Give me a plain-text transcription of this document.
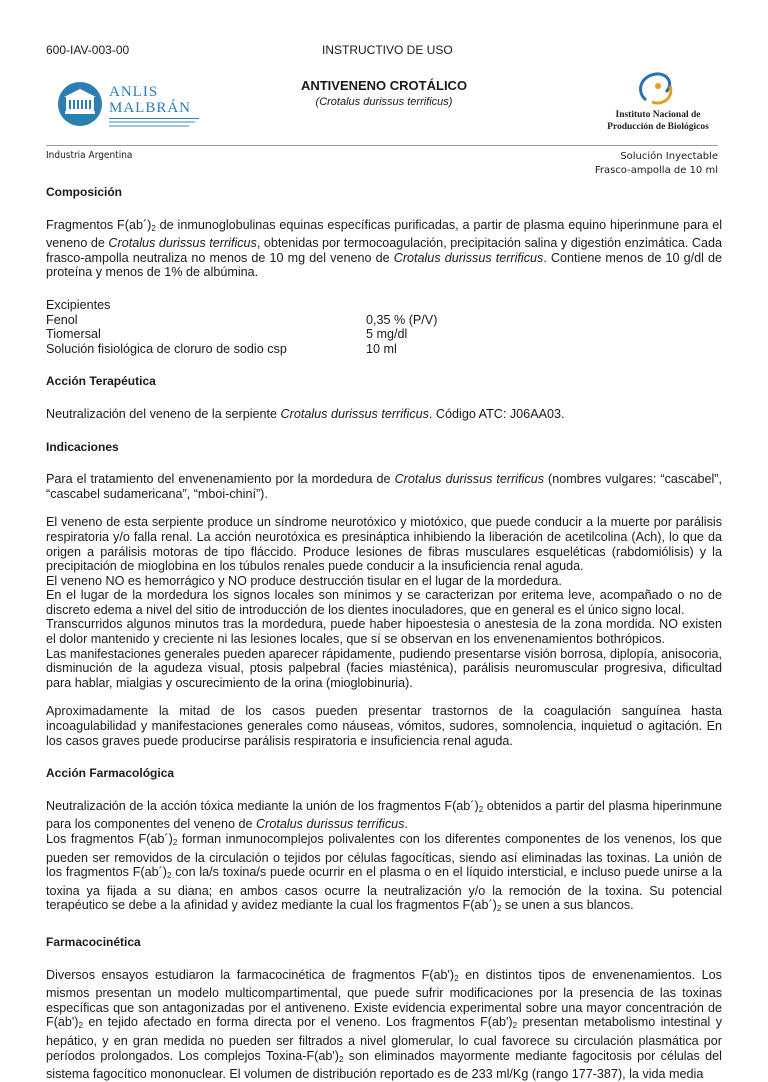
600-IAV-003-00	INSTRUCTIVO DE USO
ANLIS
MALBRÁN
ANTIVENENO CROTÁLICO
(Crotalus durissus terrificus)
Instituto Nacional de
Producción de Biológicos
Industria Argentina	Solución Inyectable
Frasco-ampolla de 10 ml
Composición

Fragmentos $F(ab´)_2$ de inmunoglobulinas equinas específicas purificadas, a partir de plasma equino hiperinmune para el veneno de Crotalus durissus terrificus, obtenidas por termocoagulación, precipitación salina y digestión enzimática. Cada frasco-ampolla neutraliza no menos de 10 mg del veneno de Crotalus durissus terrificus. Contiene menos de 10 g/dl de proteína y menos de 1% de albúmina.

Excipientes
Fenol	0,35 % (P/V)
Tiomersal	5 mg/dl
Solución fisiológica de cloruro de sodio csp	10 ml
Acción Terapéutica

Neutralización del veneno de la serpiente Crotalus durissus terrificus. Código ATC: J06AA03.

Indicaciones

Para el tratamiento del envenenamiento por la mordedura de Crotalus durissus terrificus (nombres vulgares: “cascabel”, “cascabel sudamericana”, “mboi-chiní”).

El veneno de esta serpiente produce un síndrome neurotóxico y miotóxico, que puede conducir a la muerte por parálisis respiratoria y/o falla renal. La acción neurotóxica es presináptica inhibiendo la liberación de acetilcolina (Ach), lo que da origen a parálisis motoras de tipo fláccido. Produce lesiones de fibras musculares esqueléticas (rabdomiólisis) y la precipitación de mioglobina en los túbulos renales puede conducir a la insuficiencia renal aguda.

El veneno NO es hemorrágico y NO produce destrucción tisular en el lugar de la mordedura.

En el lugar de la mordedura los signos locales son mínimos y se caracterizan por eritema leve, acompañado o no de discreto edema a nivel del sitio de introducción de los dientes inoculadores, que en general es el único signo local.

Transcurridos algunos minutos tras la mordedura, puede haber hipoestesia o anestesia de la zona mordida. NO existen el dolor mantenido y creciente ni las lesiones locales, que sí se observan en los envenenamientos bothrópicos.

Las manifestaciones generales pueden aparecer rápidamente, pudiendo presentarse visión borrosa, diplopía, anisocoria, disminución de la agudeza visual, ptosis palpebral (facies miasténica), parálisis neuromuscular progresiva, dificultad para hablar, mialgias y oscurecimiento de la orina (mioglobinuria).

Aproximadamente la mitad de los casos pueden presentar trastornos de la coagulación sanguínea hasta incoagulabilidad y manifestaciones generales como náuseas, vómitos, sudores, somnolencia, inquietud o agitación. En los casos graves puede producirse parálisis respiratoria e insuficiencia renal aguda.

Acción Farmacológica

Neutralización de la acción tóxica mediante la unión de los fragmentos $F(ab´)_2$ obtenidos a partir del plasma hiperinmune para los componentes del veneno de Crotalus durissus terrificus.

Los fragmentos $F(ab´)_2$ forman inmunocomplejos polivalentes con los diferentes componentes de los venenos, los que pueden ser removidos de la circulación o tejidos por células fagocíticas, siendo así eliminadas las toxinas. La unión de los fragmentos $F(ab´)_2$ con la/s toxina/s puede ocurrir en el plasma o en el líquido intersticial, e incluso puede unirse a la toxina ya fijada a su diana; en ambos casos ocurre la neutralización y/o la remoción de la toxina. Su potencial terapéutico se debe a la afinidad y avidez mediante la cual los fragmentos $F(ab´)_2$ se unen a sus blancos.

Farmacocinética

Diversos ensayos estudiaron la farmacocinética de fragmentos $F(ab')_2$ en distintos tipos de envenenamientos. Los mismos presentan un modelo multicompartimental, que puede sufrir modificaciones por la presencia de las toxinas específicas que son antagonizadas por el antiveneno. Existe evidencia experimental sobre una mayor concentración de $F(ab')_2$ en tejido afectado en forma directa por el veneno. Los fragmentos $F(ab')_2$ presentan metabolismo intestinal y hepático, y en gran medida no pueden ser filtrados a nivel glomerular, lo cual favorece su circulación plasmática por períodos prolongados. Los complejos Toxina-$F(ab')_2$ son eliminados mayormente mediante fagocitosis por células del sistema fagocítico mononuclear. El volumen de distribución reportado es de 233 ml/Kg (rango 177-387), la vida media
